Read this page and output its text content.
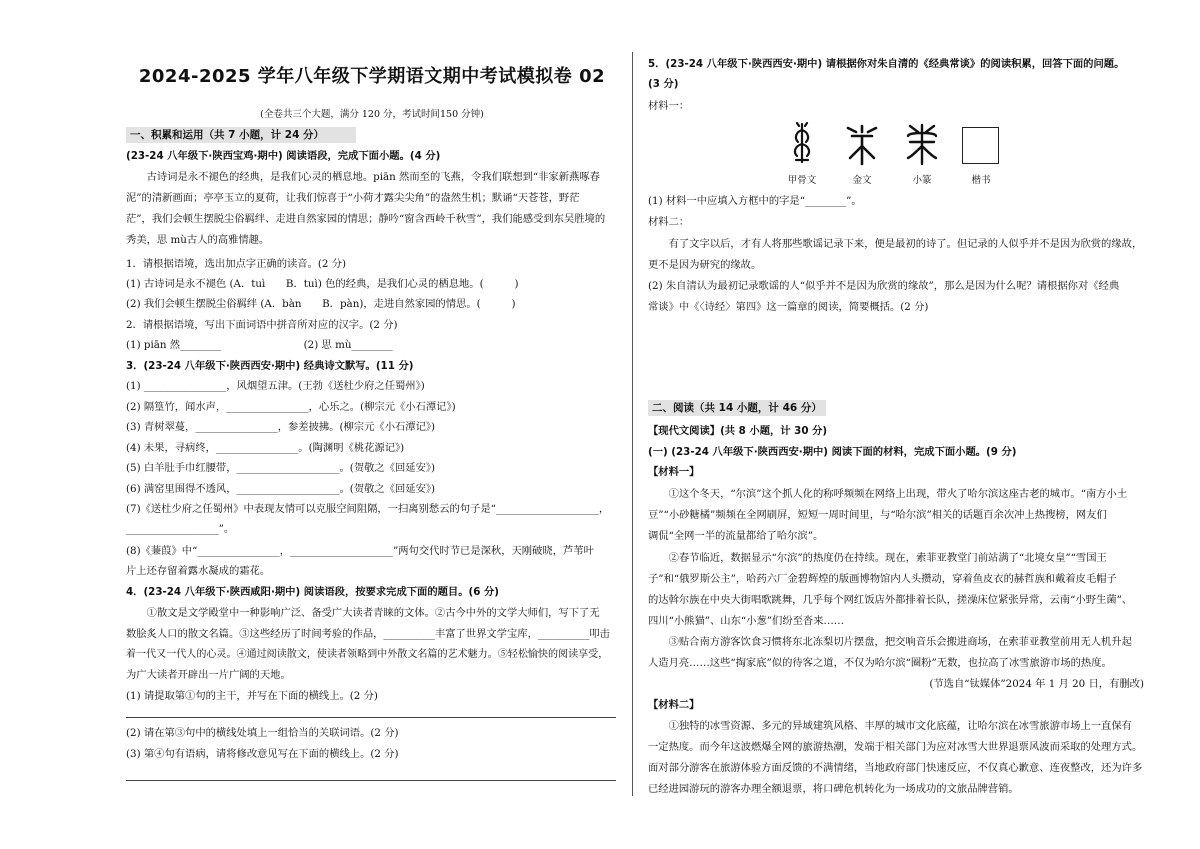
2024-2025 学年八年级下学期语文期中考试模拟卷 02
(全卷共三个大题，满分 120 分，考试时间150 分钟)
一、积累和运用（共 7 小题，计 24 分）
(23-24 八年级下·陕西宝鸡·期中) 阅读语段，完成下面小题。(4 分)
　　古诗词是永不褪色的经典，是我们心灵的栖息地。piān 然而至的飞燕，令我们联想到“非家新燕啄春
泥”的清新画面；亭亭玉立的夏荷，让我们惊喜于“小荷才露尖尖角”的盎然生机；默诵“天苍苍，野茫
茫”，我们会顿生摆脱尘俗羁绊、走进自然家园的情思；静吟“窗含西岭千秋雪”，我们能感受到东吴胜境的
秀美，思 mù古人的高雅情趣。
1．请根据语境，选出加点字正确的读音。(2 分)
(1) 古诗词是永不褪色 (A．tuì　　B．tuì) 色的经典，是我们心灵的栖息地。(　　　)
(2) 我们会顿生摆脱尘俗羁绊 (A．bàn　　B．pàn)，走进自然家园的情思。(　　　)
2．请根据语境，写出下面词语中拼音所对应的汉字。(2 分)
(1) piān 然________　　　　　　　　(2) 思 mù________
3．(23-24 八年级下·陕西西安·期中) 经典诗文默写。(11 分)
(1) ________________，风烟望五津。(王勃《送杜少府之任蜀州》)
(2) 隔篁竹，闻水声，________________，心乐之。(柳宗元《小石潭记》)
(3) 青树翠蔓，________________，参差披拂。(柳宗元《小石潭记》)
(4) 未果，寻病终，________________。(陶渊明《桃花源记》)
(5) 白羊肚手巾红腰带，____________________。(贺敬之《回延安》)
(6) 满窑里围得不透风，____________________。(贺敬之《回延安》)
(7)《送杜少府之任蜀州》中表现友情可以克服空间阻隔，一扫离别愁云的句子是“____________________，
__________________”。
(8)《蒹葭》中“________________，____________________”两句交代时节已是深秋，天刚破晓，芦苇叶
片上还存留着露水凝成的霜花。
4．(23-24 八年级下·陕西咸阳·期中) 阅读语段，按要求完成下面的题目。(6 分)
　　①散文是文学殿堂中一种影响广泛、备受广大读者青睐的文体。②古今中外的文学大师们，写下了无
数脍炙人口的散文名篇。③这些经历了时间考验的作品，__________丰富了世界文学宝库，__________叩击
着一代又一代人的心灵。④通过阅读散文，使读者领略到中外散文名篇的艺术魅力。⑤轻松愉快的阅读享受，
为广大读者开辟出一片广阔的天地。
(1) 请提取第①句的主干，并写在下面的横线上。(2 分)
(2) 请在第③句中的横线处填上一组恰当的关联词语。(2 分)
(3) 第④句有语病，请将修改意见写在下面的横线上。(2 分)
5．(23-24 八年级下·陕西西安·期中) 请根据你对朱自清的《经典常谈》的阅读积累，回答下面的问题。
(3 分)
材料一：
甲骨文	金文	小篆	楷书
(1) 材料一中应填入方框中的字是“________”。
材料二：
　　有了文字以后，才有人将那些歌谣记录下来，便是最初的诗了。但记录的人似乎并不是因为欣赏的缘故，
更不是因为研究的缘故。
(2) 朱自清认为最初记录歌谣的人“似乎并不是因为欣赏的缘故”，那么是因为什么呢？请根据你对《经典
常谈》中《〈诗经〉第四》这一篇章的阅读，简要概括。(2 分)
二、阅读（共 14 小题，计 46 分）
【现代文阅读】(共 8 小题，计 30 分)
(一) (23-24 八年级下·陕西西安·期中) 阅读下面的材料，完成下面小题。(9 分)
【材料一】
　　①这个冬天，“尔滨”这个抓人化的称呼频频在网络上出现，带火了哈尔滨这座古老的城市。“南方小土
豆”“小砂糖橘”频频在全网刷屏，短短一周时间里，与“哈尔滨”相关的话题百余次冲上热搜榜，网友们
调侃“全网一半的流量都给了哈尔滨”。
　　②春节临近，数据显示“尔滨”的热度仍在持续。现在，索菲亚教堂门前站满了“北境女皇”“雪国王
子”和“俄罗斯公主”，哈药六厂金碧辉煌的版画博物馆内人头攒动，穿着鱼皮衣的赫哲族和戴着皮毛帽子
的达斡尔族在中央大街唱歌跳舞，几乎每个网红饭店外都排着长队，搓澡床位紧张异常，云南“小野生菌”、
四川“小熊猫”、山东“小葱”们纷至沓来……
　　③贴合南方游客饮食习惯将东北冻梨切片摆盘，把交响音乐会搬进商场，在索菲亚教堂前用无人机升起
人造月亮……这些“掏家底”似的待客之道，不仅为哈尔滨“圈粉”无数，也拉高了冰雪旅游市场的热度。
(节选自“钛媒体”2024 年 1 月 20 日，有删改)
【材料二】
　　①独特的冰雪资源、多元的异域建筑风格、丰厚的城市文化底蕴，让哈尔滨在冰雪旅游市场上一直保有
一定热度。而今年这波燃爆全网的旅游热潮，发端于相关部门为应对冰雪大世界退票风波而采取的处理方式。
面对部分游客在旅游体验方面反馈的不满情绪，当地政府部门快速反应，不仅真心歉意、连夜整改，还为许多
已经进园游玩的游客办理全额退票，将口碑危机转化为一场成功的文旅品牌营销。
